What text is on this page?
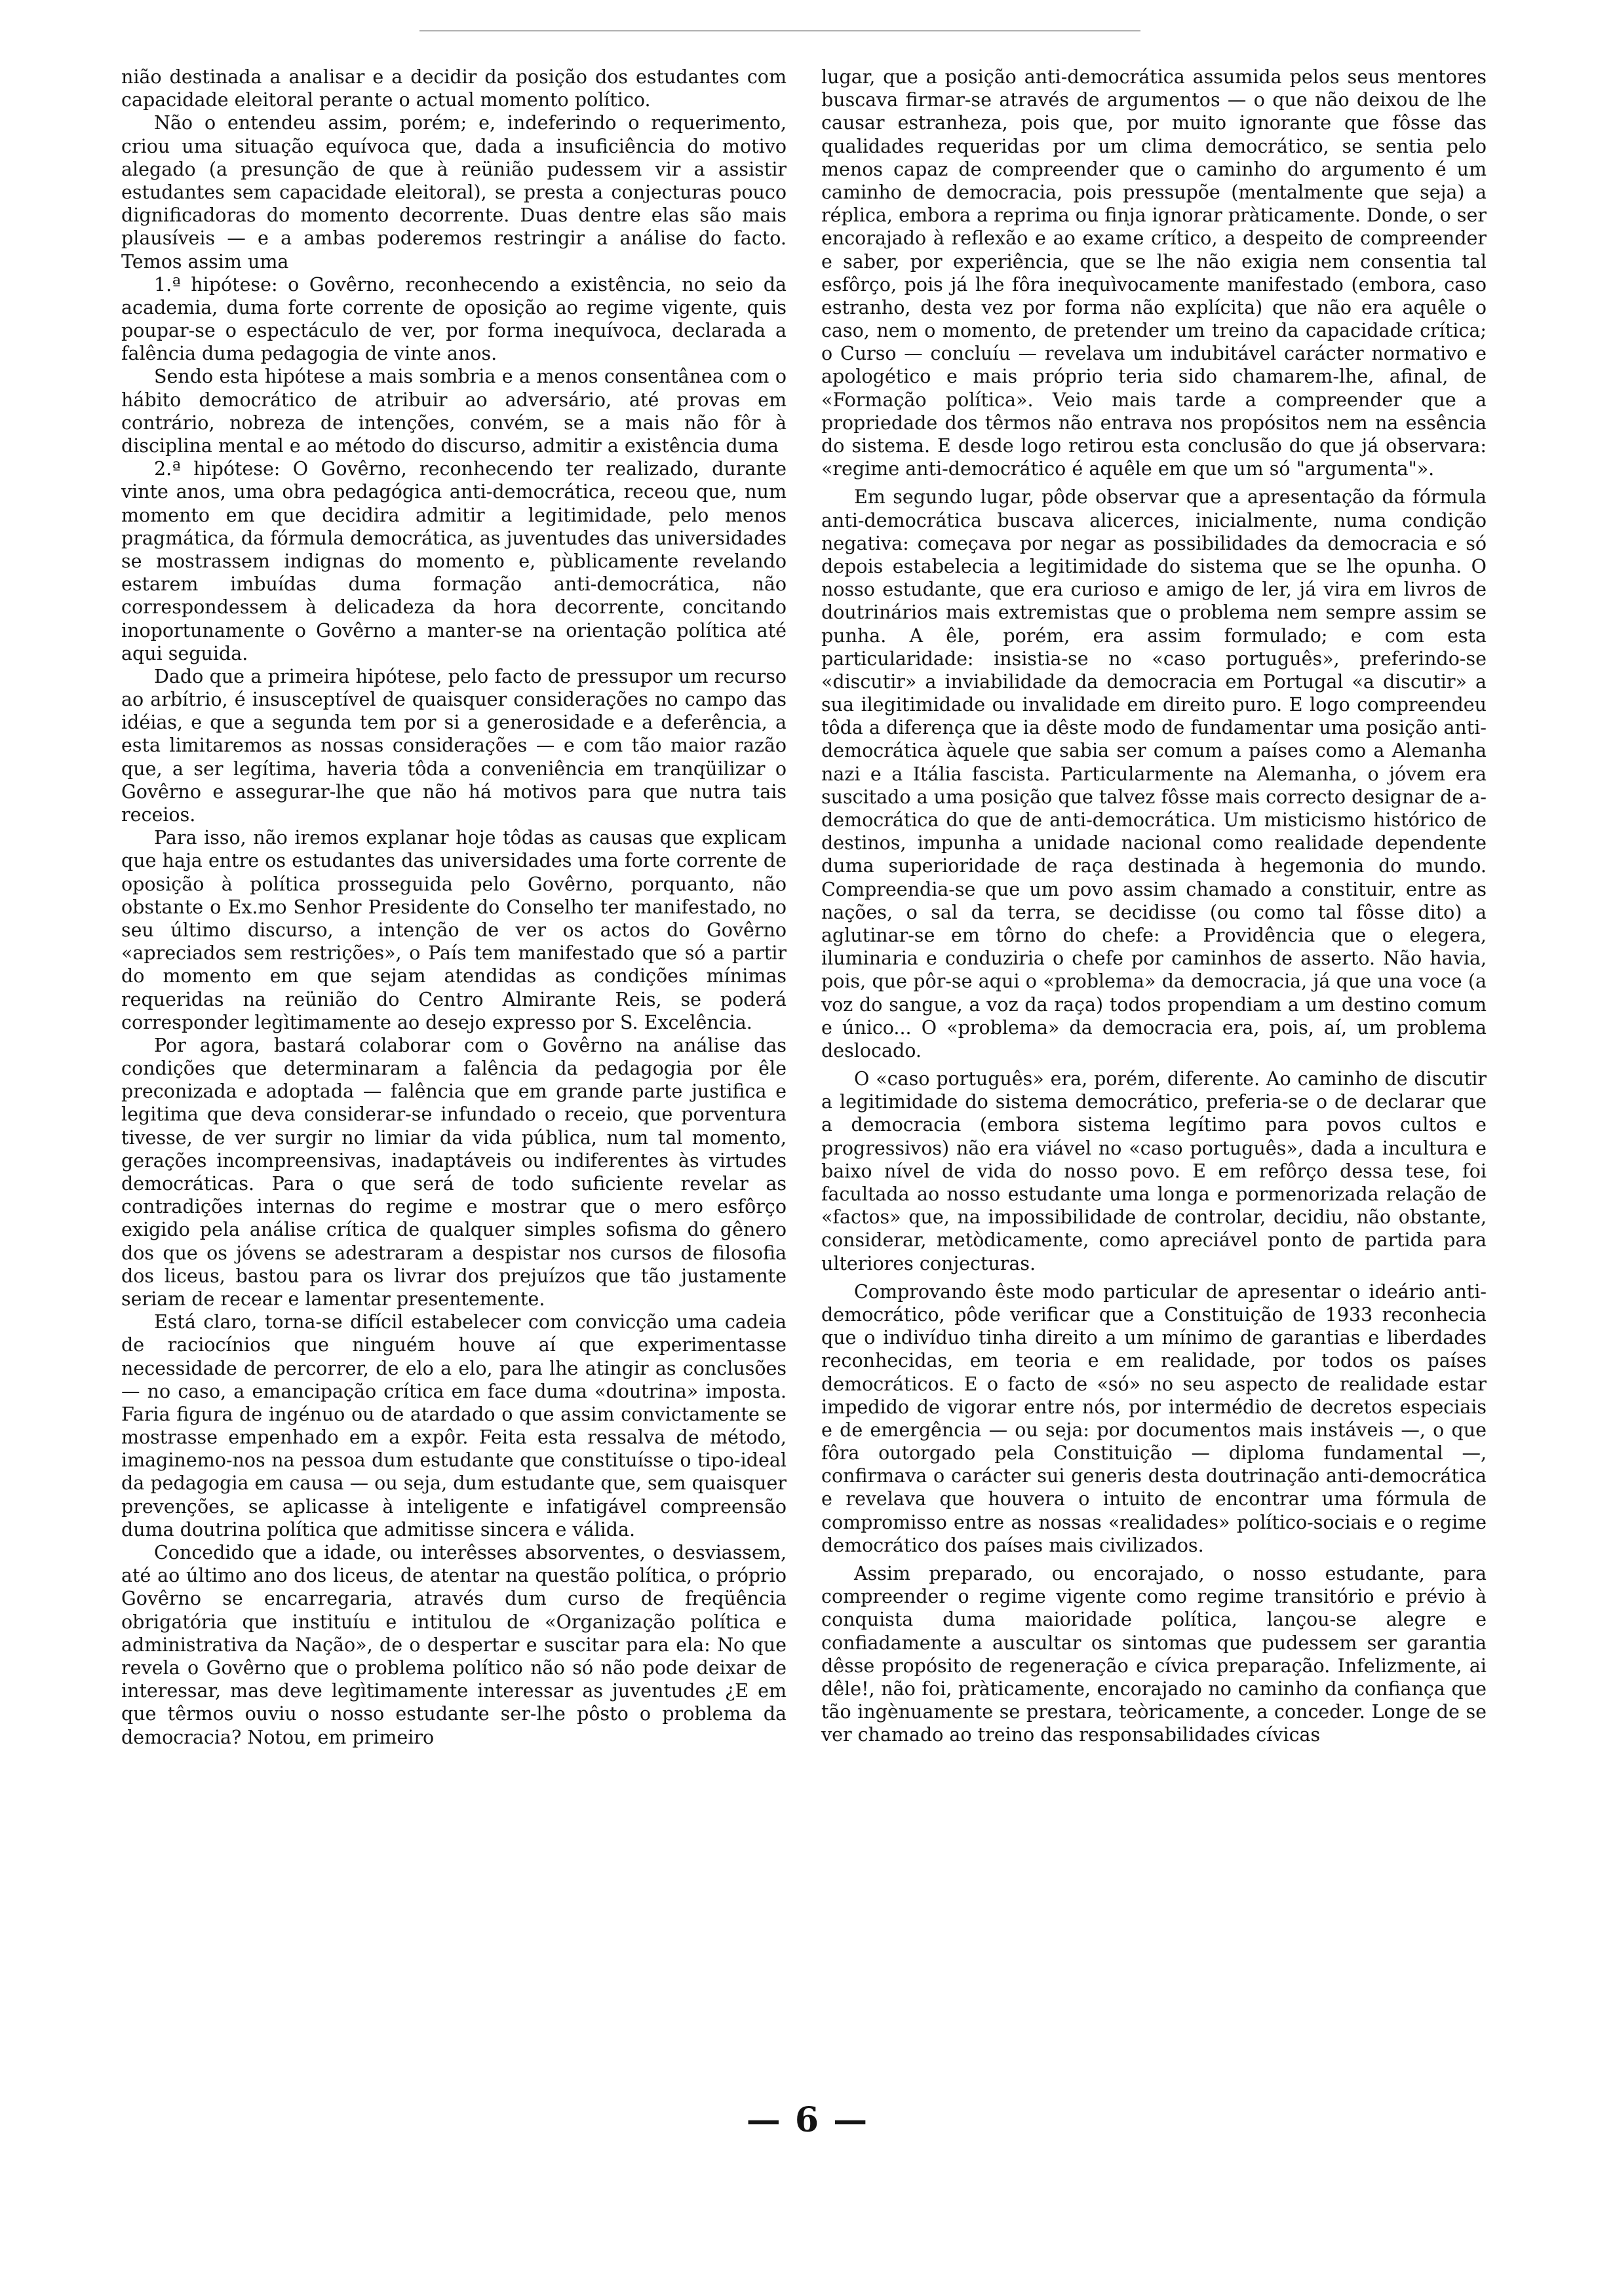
nião destinada a analisar e a decidir da posição dos estudantes com capacidade eleitoral perante o actual momento político.

Não o entendeu assim, porém; e, indeferindo o requerimento, criou uma situação equívoca que, dada a insuficiência do motivo alegado (a presunção de que à reünião pudessem vir a assistir estudantes sem capacidade eleitoral), se presta a conjecturas pouco dignificadoras do momento decorrente. Duas dentre elas são mais plausíveis — e a ambas poderemos restringir a análise do facto. Temos assim uma

1.ª hipótese: o Govêrno, reconhecendo a existência, no seio da academia, duma forte corrente de oposição ao regime vigente, quis poupar-se o espectáculo de ver, por forma inequívoca, declarada a falência duma pedagogia de vinte anos.

Sendo esta hipótese a mais sombria e a menos consentânea com o hábito democrático de atribuir ao adversário, até provas em contrário, nobreza de intenções, convém, se a mais não fôr à disciplina mental e ao método do discurso, admitir a existência duma

2.ª hipótese: O Govêrno, reconhecendo ter realizado, durante vinte anos, uma obra pedagógica anti-democrática, receou que, num momento em que decidira admitir a legitimidade, pelo menos pragmática, da fórmula democrática, as juventudes das universidades se mostrassem indignas do momento e, pùblicamente revelando estarem imbuídas duma formação anti-democrática, não correspondessem à delicadeza da hora decorrente, concitando inoportunamente o Govêrno a manter-se na orientação política até aqui seguida.

Dado que a primeira hipótese, pelo facto de pressupor um recurso ao arbítrio, é insusceptível de quaisquer considerações no campo das idéias, e que a segunda tem por si a generosidade e a deferência, a esta limitaremos as nossas considerações — e com tão maior razão que, a ser legítima, haveria tôda a conveniência em tranqüilizar o Govêrno e assegurar-lhe que não há motivos para que nutra tais receios.

Para isso, não iremos explanar hoje tôdas as causas que explicam que haja entre os estudantes das universidades uma forte corrente de oposição à política prosseguida pelo Govêrno, porquanto, não obstante o Ex.mo Senhor Presidente do Conselho ter manifestado, no seu último discurso, a intenção de ver os actos do Govêrno «apreciados sem restrições», o País tem manifestado que só a partir do momento em que sejam atendidas as condições mínimas requeridas na reünião do Centro Almirante Reis, se poderá corresponder legìtimamente ao desejo expresso por S. Excelência.

Por agora, bastará colaborar com o Govêrno na análise das condições que determinaram a falência da pedagogia por êle preconizada e adoptada — falência que em grande parte justifica e legitima que deva considerar-se infundado o receio, que porventura tivesse, de ver surgir no limiar da vida pública, num tal momento, gerações incompreensivas, inadaptáveis ou indiferentes às virtudes democráticas. Para o que será de todo suficiente revelar as contradições internas do regime e mostrar que o mero esfôrço exigido pela análise crítica de qualquer simples sofisma do gênero dos que os jóvens se adestraram a despistar nos cursos de filosofia dos liceus, bastou para os livrar dos prejuízos que tão justamente seriam de recear e lamentar presentemente.

Está claro, torna-se difícil estabelecer com convicção uma cadeia de raciocínios que ninguém houve aí que experimentasse necessidade de percorrer, de elo a elo, para lhe atingir as conclusões — no caso, a emancipação crítica em face duma «doutrina» imposta. Faria figura de ingénuo ou de atardado o que assim convictamente se mostrasse empenhado em a expôr. Feita esta ressalva de método, imaginemo-nos na pessoa dum estudante que constituísse o tipo-ideal da pedagogia em causa — ou seja, dum estudante que, sem quaisquer prevenções, se aplicasse à inteligente e infatigável compreensão duma doutrina política que admitisse sincera e válida.

Concedido que a idade, ou interêsses absorventes, o desviassem, até ao último ano dos liceus, de atentar na questão política, o próprio Govêrno se encarregaria, através dum curso de freqüência obrigatória que instituíu e intitulou de «Organização política e administrativa da Nação», de o despertar e suscitar para ela: No que revela o Govêrno que o problema político não só não pode deixar de interessar, mas deve legìtimamente interessar as juventudes ¿E em que têrmos ouviu o nosso estudante ser-lhe pôsto o problema da democracia? Notou, em primeiro

lugar, que a posição anti-democrática assumida pelos seus mentores buscava firmar-se através de argumentos — o que não deixou de lhe causar estranheza, pois que, por muito ignorante que fôsse das qualidades requeridas por um clima democrático, se sentia pelo menos capaz de compreender que o caminho do argumento é um caminho de democracia, pois pressupõe (mentalmente que seja) a réplica, embora a reprima ou finja ignorar pràticamente. Donde, o ser encorajado à reflexão e ao exame crítico, a despeito de compreender e saber, por experiência, que se lhe não exigia nem consentia tal esfôrço, pois já lhe fôra inequìvocamente manifestado (embora, caso estranho, desta vez por forma não explícita) que não era aquêle o caso, nem o momento, de pretender um treino da capacidade crítica; o Curso — concluíu — revelava um indubitável carácter normativo e apologético e mais próprio teria sido chamarem-lhe, afinal, de «Formação política». Veio mais tarde a compreender que a propriedade dos têrmos não entrava nos propósitos nem na essência do sistema. E desde logo retirou esta conclusão do que já observara: «regime anti-democrático é aquêle em que um só "argumenta"».

Em segundo lugar, pôde observar que a apresentação da fórmula anti-democrática buscava alicerces, inicialmente, numa condição negativa: começava por negar as possibilidades da democracia e só depois estabelecia a legitimidade do sistema que se lhe opunha. O nosso estudante, que era curioso e amigo de ler, já vira em livros de doutrinários mais extremistas que o problema nem sempre assim se punha. A êle, porém, era assim formulado; e com esta particularidade: insistia-se no «caso português», preferindo-se «discutir» a inviabilidade da democracia em Portugal «a discutir» a sua ilegitimidade ou invalidade em direito puro. E logo compreendeu tôda a diferença que ia dêste modo de fundamentar uma posição anti-democrática àquele que sabia ser comum a países como a Alemanha nazi e a Itália fascista. Particularmente na Alemanha, o jóvem era suscitado a uma posição que talvez fôsse mais correcto designar de a-democrática do que de anti-democrática. Um misticismo histórico de destinos, impunha a unidade nacional como realidade dependente duma superioridade de raça destinada à hegemonia do mundo. Compreendia-se que um povo assim chamado a constituir, entre as nações, o sal da terra, se decidisse (ou como tal fôsse dito) a aglutinar-se em tôrno do chefe: a Providência que o elegera, iluminaria e conduziria o chefe por caminhos de asserto. Não havia, pois, que pôr-se aqui o «problema» da democracia, já que una voce (a voz do sangue, a voz da raça) todos propendiam a um destino comum e único... O «problema» da democracia era, pois, aí, um problema deslocado.

O «caso português» era, porém, diferente. Ao caminho de discutir a legitimidade do sistema democrático, preferia-se o de declarar que a democracia (embora sistema legítimo para povos cultos e progressivos) não era viável no «caso português», dada a incultura e baixo nível de vida do nosso povo. E em refôrço dessa tese, foi facultada ao nosso estudante uma longa e pormenorizada relação de «factos» que, na impossibilidade de controlar, decidiu, não obstante, considerar, metòdicamente, como apreciável ponto de partida para ulteriores conjecturas.

Comprovando êste modo particular de apresentar o ideário anti-democrático, pôde verificar que a Constituição de 1933 reconhecia que o indivíduo tinha direito a um mínimo de garantias e liberdades reconhecidas, em teoria e em realidade, por todos os países democráticos. E o facto de «só» no seu aspecto de realidade estar impedido de vigorar entre nós, por intermédio de decretos especiais e de emergência — ou seja: por documentos mais instáveis —, o que fôra outorgado pela Constituição — diploma fundamental —, confirmava o carácter sui generis desta doutrinação anti-democrática e revelava que houvera o intuito de encontrar uma fórmula de compromisso entre as nossas «realidades» político-sociais e o regime democrático dos países mais civilizados.

Assim preparado, ou encorajado, o nosso estudante, para compreender o regime vigente como regime transitório e prévio à conquista duma maioridade política, lançou-se alegre e confiadamente a auscultar os sintomas que pudessem ser garantia dêsse propósito de regeneração e cívica preparação. Infelizmente, ai dêle!, não foi, pràticamente, encorajado no caminho da confiança que tão ingènuamente se prestara, teòricamente, a conceder. Longe de se ver chamado ao treino das responsabilidades cívicas

— 6 —
